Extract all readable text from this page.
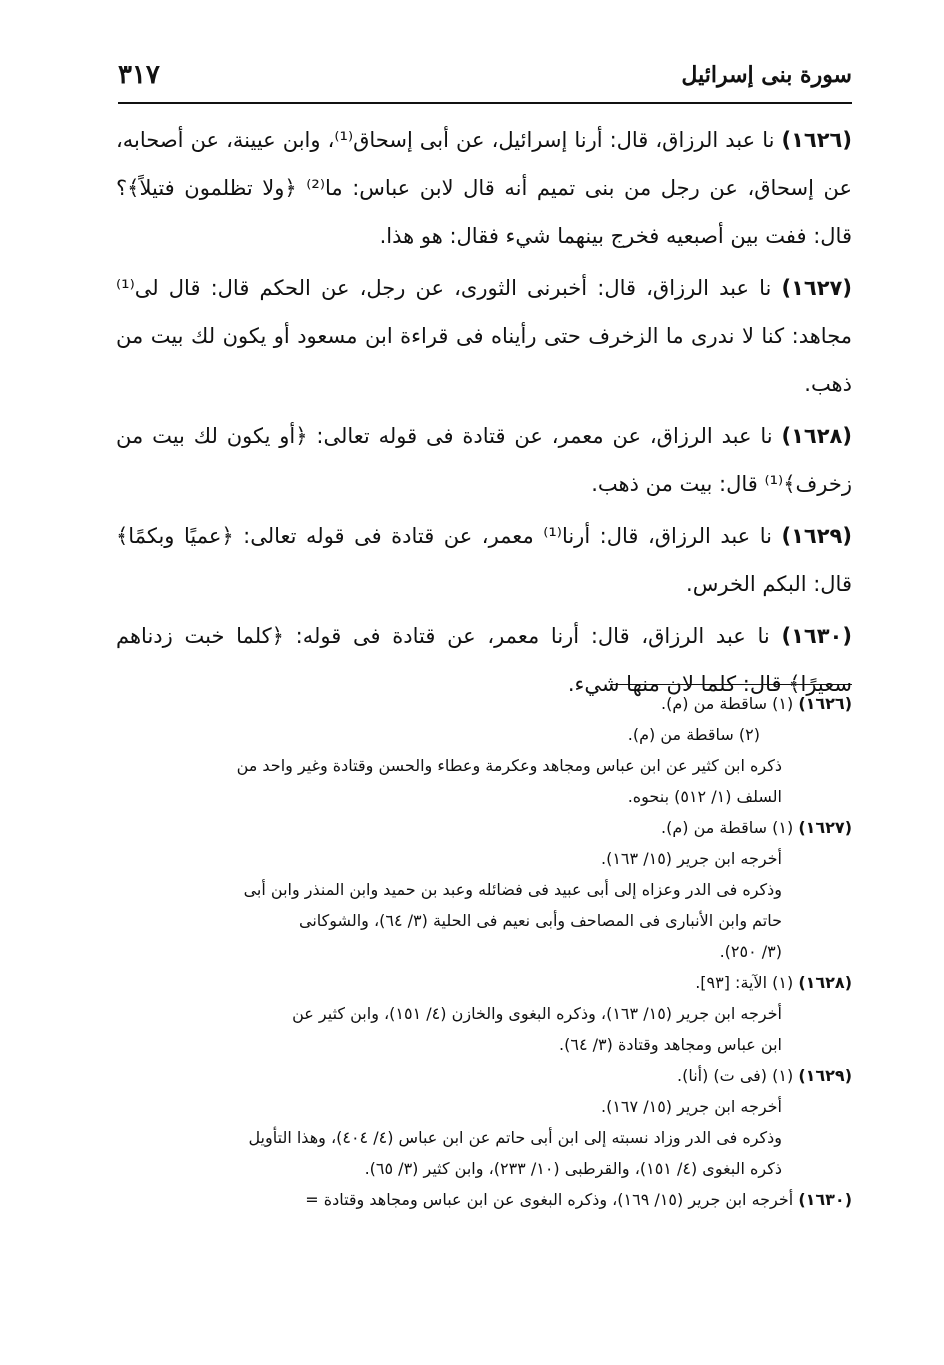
٣١٧	سورة بنى إسرائيل

(١٦٢٦) نا عبد الرزاق، قال: أرنا إسرائيل، عن أبى إسحاق⁽¹⁾، وابن عيينة، عن أصحابه، عن إسحاق، عن رجل من بنى تميم أنه قال لابن عباس: ما⁽²⁾ ﴿ولا تظلمون فتيلاً﴾؟ قال: ففت بين أصبعيه فخرج بينهما شيء فقال: هو هذا.

(١٦٢٧) نا عبد الرزاق، قال: أخبرنى الثورى، عن رجل، عن الحكم قال: قال لى⁽¹⁾ مجاهد: كنا لا ندرى ما الزخرف حتى رأيناه فى قراءة ابن مسعود أو يكون لك بيت من ذهب.

(١٦٢٨) نا عبد الرزاق، عن معمر، عن قتادة فى قوله تعالى: ﴿أو يكون لك بيت من زخرف﴾⁽¹⁾ قال: بيت من ذهب.

(١٦٢٩) نا عبد الرزاق، قال: أرنا⁽¹⁾ معمر، عن قتادة فى قوله تعالى: ﴿عميًا وبكمًا﴾ قال: البكم الخرس.

(١٦٣٠) نا عبد الرزاق، قال: أرنا معمر، عن قتادة فى قوله: ﴿كلما خبت زدناهم سعيرًا﴾ قال: كلما لان منها شيء.

(١٦٢٦) (١) ساقطة من (م).

(٢) ساقطة من (م).

ذكره ابن كثير عن ابن عباس ومجاهد وعكرمة وعطاء والحسن وقتادة وغير واحد من

السلف (١/ ٥١٢) بنحوه.

(١٦٢٧) (١) ساقطة من (م).

أخرجه ابن جرير (١٥/ ١٦٣).

وذكره فى الدر وعزاه إلى أبى عبيد فى فضائله وعبد بن حميد وابن المنذر وابن أبى

حاتم وابن الأنبارى فى المصاحف وأبى نعيم فى الحلية (٣/ ٦٤)، والشوكانى

(٣/ ٢٥٠).

(١٦٢٨) (١) الآية: [٩٣].

أخرجه ابن جرير (١٥/ ١٦٣)، وذكره البغوى والخازن (٤/ ١٥١)، وابن كثير عن

ابن عباس ومجاهد وقتادة (٣/ ٦٤).

(١٦٢٩) (١) (فى ت) (أنا).

أخرجه ابن جرير (١٥/ ١٦٧).

وذكره فى الدر وزاد نسبته إلى ابن أبى حاتم عن ابن عباس (٤/ ٤٠٤)، وهذا التأويل

ذكره البغوى (٤/ ١٥١)، والقرطبى (١٠/ ٢٣٣)، وابن كثير (٣/ ٦٥).

(١٦٣٠) أخرجه ابن جرير (١٥/ ١٦٩)، وذكره البغوى عن ابن عباس ومجاهد وقتادة =
